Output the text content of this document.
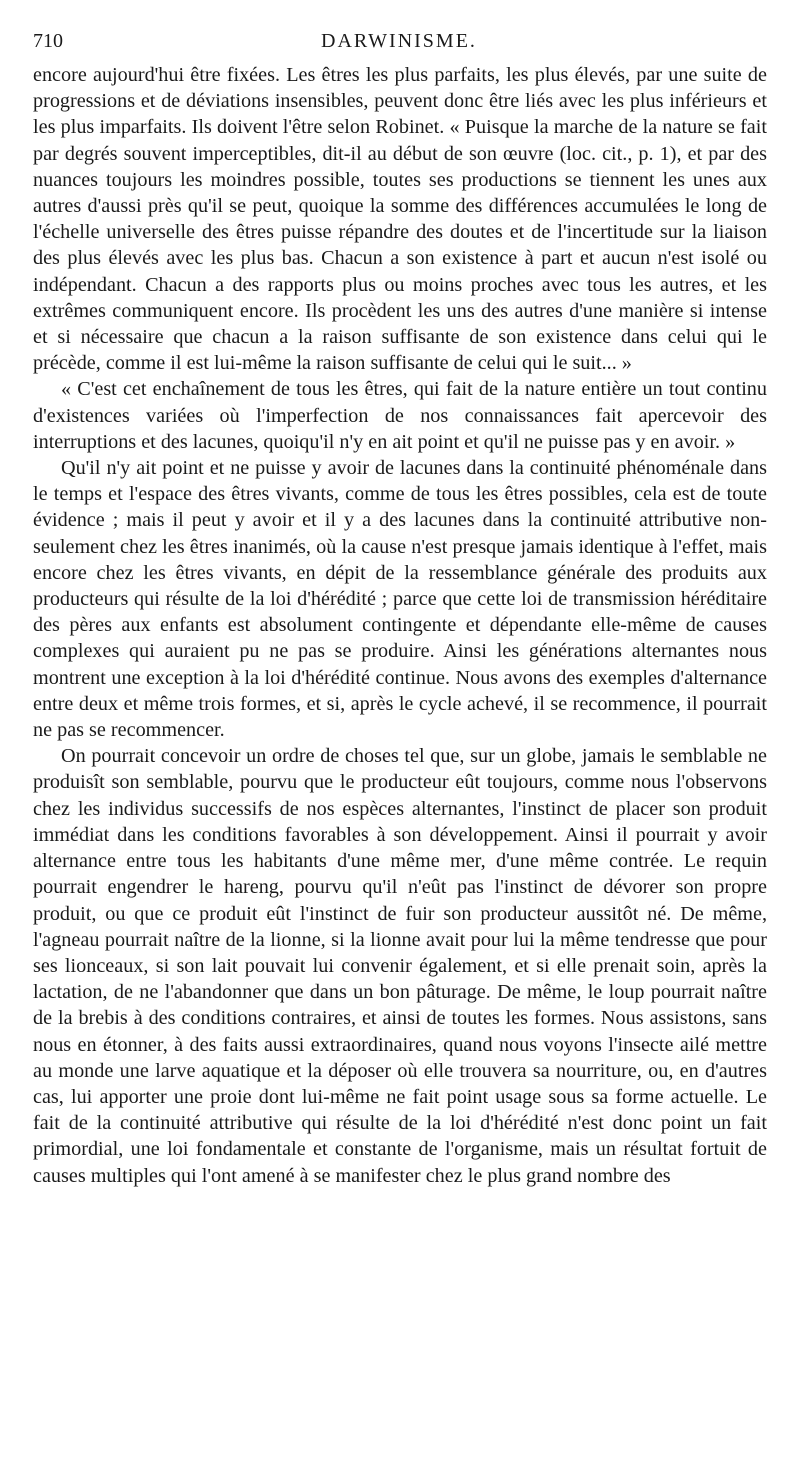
710	DARWINISME.

encore aujourd'hui être fixées. Les êtres les plus parfaits, les plus élevés, par une suite de progressions et de déviations insensibles, peuvent donc être liés avec les plus inférieurs et les plus imparfaits. Ils doivent l'être selon Robinet. « Puisque la marche de la nature se fait par degrés souvent imperceptibles, dit-il au début de son œuvre (loc. cit., p. 1), et par des nuances toujours les moindres possible, toutes ses productions se tiennent les unes aux autres d'aussi près qu'il se peut, quoique la somme des différences accumulées le long de l'échelle universelle des êtres puisse répandre des doutes et de l'incertitude sur la liaison des plus élevés avec les plus bas. Chacun a son existence à part et aucun n'est isolé ou indépendant. Chacun a des rapports plus ou moins proches avec tous les autres, et les extrêmes communiquent encore. Ils procèdent les uns des autres d'une manière si intense et si nécessaire que chacun a la raison suffisante de son existence dans celui qui le précède, comme il est lui-même la raison suffisante de celui qui le suit... »

« C'est cet enchaînement de tous les êtres, qui fait de la nature entière un tout continu d'existences variées où l'imperfection de nos connaissances fait apercevoir des interruptions et des lacunes, quoiqu'il n'y en ait point et qu'il ne puisse pas y en avoir. »

Qu'il n'y ait point et ne puisse y avoir de lacunes dans la continuité phénoménale dans le temps et l'espace des êtres vivants, comme de tous les êtres possibles, cela est de toute évidence ; mais il peut y avoir et il y a des lacunes dans la continuité attributive non-seulement chez les êtres inanimés, où la cause n'est presque jamais identique à l'effet, mais encore chez les êtres vivants, en dépit de la ressemblance générale des produits aux producteurs qui résulte de la loi d'hérédité ; parce que cette loi de transmission héréditaire des pères aux enfants est absolument contingente et dépendante elle-même de causes complexes qui auraient pu ne pas se produire. Ainsi les générations alternantes nous montrent une exception à la loi d'hérédité continue. Nous avons des exemples d'alternance entre deux et même trois formes, et si, après le cycle achevé, il se recommence, il pourrait ne pas se recommencer.

On pourrait concevoir un ordre de choses tel que, sur un globe, jamais le semblable ne produisît son semblable, pourvu que le producteur eût toujours, comme nous l'observons chez les individus successifs de nos espèces alternantes, l'instinct de placer son produit immédiat dans les conditions favorables à son développement. Ainsi il pourrait y avoir alternance entre tous les habitants d'une même mer, d'une même contrée. Le requin pourrait engendrer le hareng, pourvu qu'il n'eût pas l'instinct de dévorer son propre produit, ou que ce produit eût l'instinct de fuir son producteur aussitôt né. De même, l'agneau pourrait naître de la lionne, si la lionne avait pour lui la même tendresse que pour ses lionceaux, si son lait pouvait lui convenir également, et si elle prenait soin, après la lactation, de ne l'abandonner que dans un bon pâturage. De même, le loup pourrait naître de la brebis à des conditions contraires, et ainsi de toutes les formes. Nous assistons, sans nous en étonner, à des faits aussi extraordinaires, quand nous voyons l'insecte ailé mettre au monde une larve aquatique et la déposer où elle trouvera sa nourriture, ou, en d'autres cas, lui apporter une proie dont lui-même ne fait point usage sous sa forme actuelle. Le fait de la continuité attributive qui résulte de la loi d'hérédité n'est donc point un fait primordial, une loi fondamentale et constante de l'organisme, mais un résultat fortuit de causes multiples qui l'ont amené à se manifester chez le plus grand nombre des
